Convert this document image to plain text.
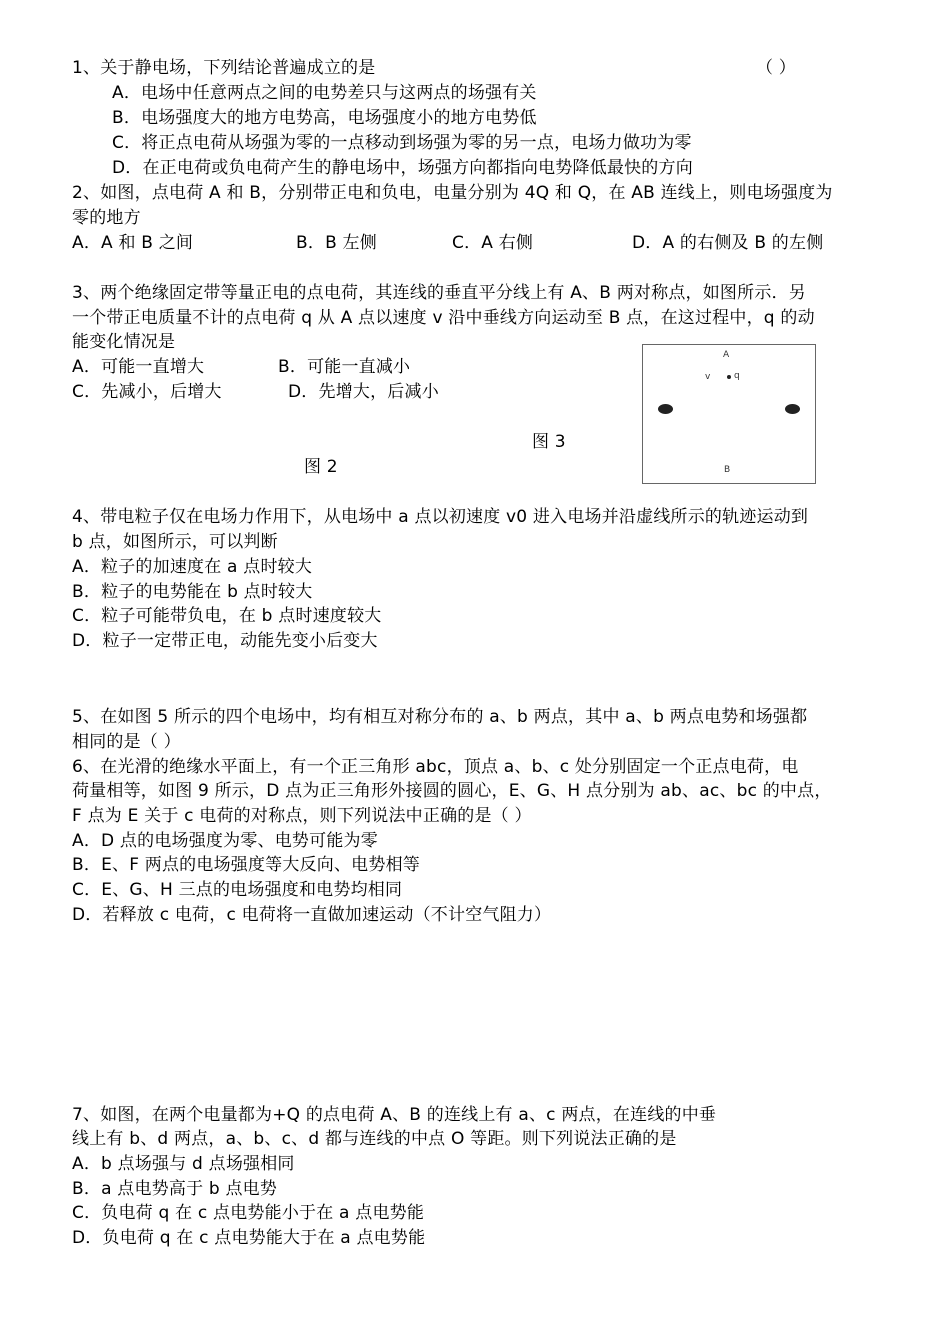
1、关于静电场，下列结论普遍成立的是	（ ）
A．电场中任意两点之间的电势差只与这两点的场强有关
B．电场强度大的地方电势高，电场强度小的地方电势低
C．将正点电荷从场强为零的一点移动到场强为零的另一点，电场力做功为零
D．在正电荷或负电荷产生的静电场中，场强方向都指向电势降低最快的方向
2、如图，点电荷 A 和 B，分别带正电和负电，电量分别为 4Q 和 Q，在 AB 连线上，则电场强度为
零的地方
A．A 和 B 之间	B．B 左侧	C．A 右侧	D．A 的右侧及 B 的左侧
3、两个绝缘固定带等量正电的点电荷，其连线的垂直平分线上有 A、B 两对称点，如图所示．另
一个带正电质量不计的点电荷 q 从 A 点以速度 v 沿中垂线方向运动至 B 点，在这过程中，q 的动
能变化情况是
A．可能一直增大	B．可能一直减小
C．先减小，后增大	D．先增大，后减小
图 3
图 2
A
v	q
B
4、带电粒子仅在电场力作用下，从电场中 a 点以初速度 v0 进入电场并沿虚线所示的轨迹运动到
b 点，如图所示，可以判断
A．粒子的加速度在 a 点时较大
B．粒子的电势能在 b 点时较大
C．粒子可能带负电，在 b 点时速度较大
D．粒子一定带正电，动能先变小后变大
5、在如图 5 所示的四个电场中，均有相互对称分布的 a、b 两点，其中 a、b 两点电势和场强都
相同的是（ ）
6、在光滑的绝缘水平面上，有一个正三角形 abc，顶点 a、b、c 处分别固定一个正点电荷，电
荷量相等，如图 9 所示，D 点为正三角形外接圆的圆心，E、G、H 点分别为 ab、ac、bc 的中点，
F 点为 E 关于 c 电荷的对称点，则下列说法中正确的是（ ）
A．D 点的电场强度为零、电势可能为零
B．E、F 两点的电场强度等大反向、电势相等
C．E、G、H 三点的电场强度和电势均相同
D．若释放 c 电荷，c 电荷将一直做加速运动（不计空气阻力）
7、如图，在两个电量都为+Q 的点电荷 A、B 的连线上有 a、c 两点，在连线的中垂
线上有 b、d 两点，a、b、c、d 都与连线的中点 O 等距。则下列说法正确的是
A．b 点场强与 d 点场强相同
B．a 点电势高于 b 点电势
C．负电荷 q 在 c 点电势能小于在 a 点电势能
D．负电荷 q 在 c 点电势能大于在 a 点电势能
